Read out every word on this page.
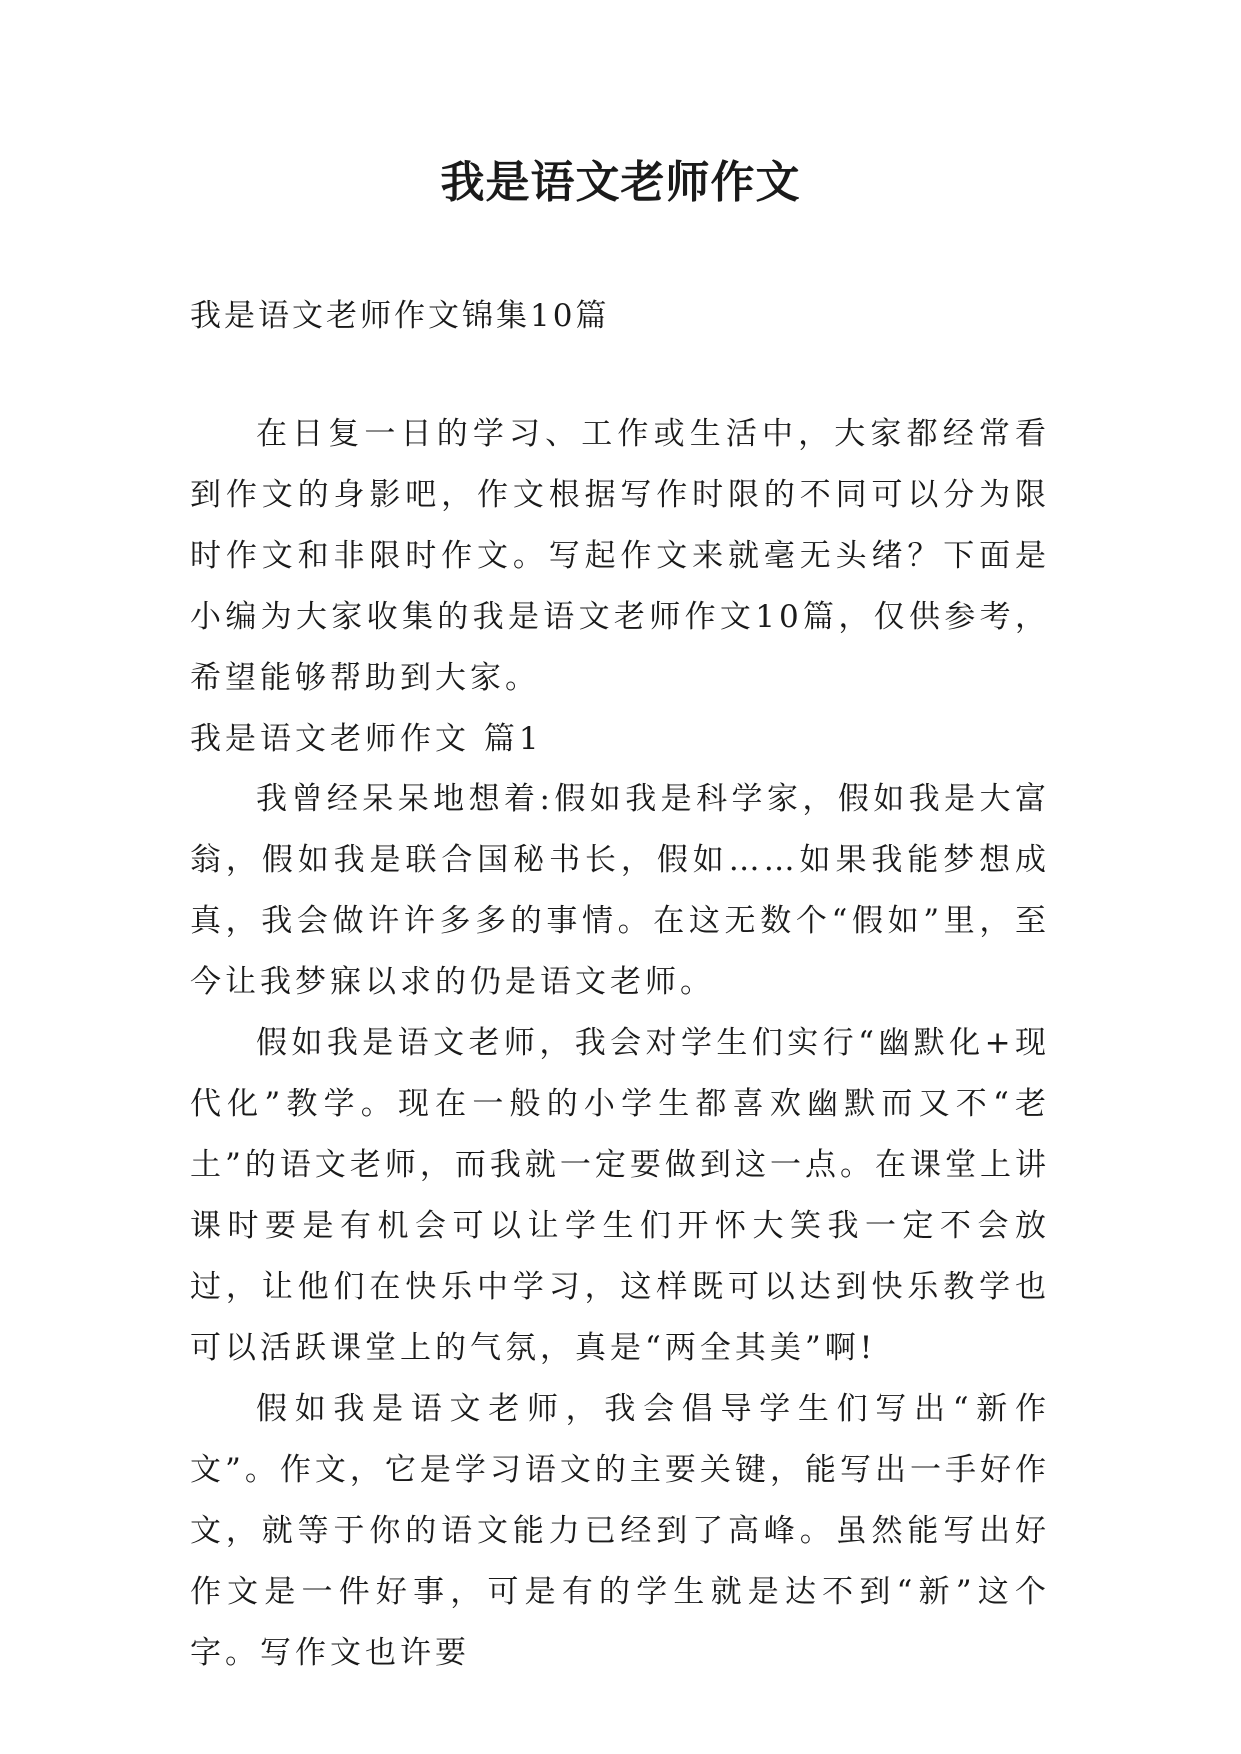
我是语文老师作文
我是语文老师作文锦集10篇

在日复一日的学习、工作或生活中，大家都经常看到作文的身影吧，作文根据写作时限的不同可以分为限时作文和非限时作文。写起作文来就毫无头绪？下面是小编为大家收集的我是语文老师作文10篇，仅供参考，希望能够帮助到大家。

我是语文老师作文 篇1

我曾经呆呆地想着:假如我是科学家，假如我是大富翁，假如我是联合国秘书长，假如……如果我能梦想成真，我会做许许多多的事情。在这无数个“假如”里，至今让我梦寐以求的仍是语文老师。

假如我是语文老师，我会对学生们实行“幽默化+现代化”教学。现在一般的小学生都喜欢幽默而又不“老土”的语文老师，而我就一定要做到这一点。在课堂上讲课时要是有机会可以让学生们开怀大笑我一定不会放过，让他们在快乐中学习，这样既可以达到快乐教学也可以活跃课堂上的气氛，真是“两全其美”啊!

假如我是语文老师，我会倡导学生们写出“新作文”。作文，它是学习语文的主要关键，能写出一手好作文，就等于你的语文能力已经到了高峰。虽然能写出好作文是一件好事，可是有的学生就是达不到“新”这个字。写作文也许要
